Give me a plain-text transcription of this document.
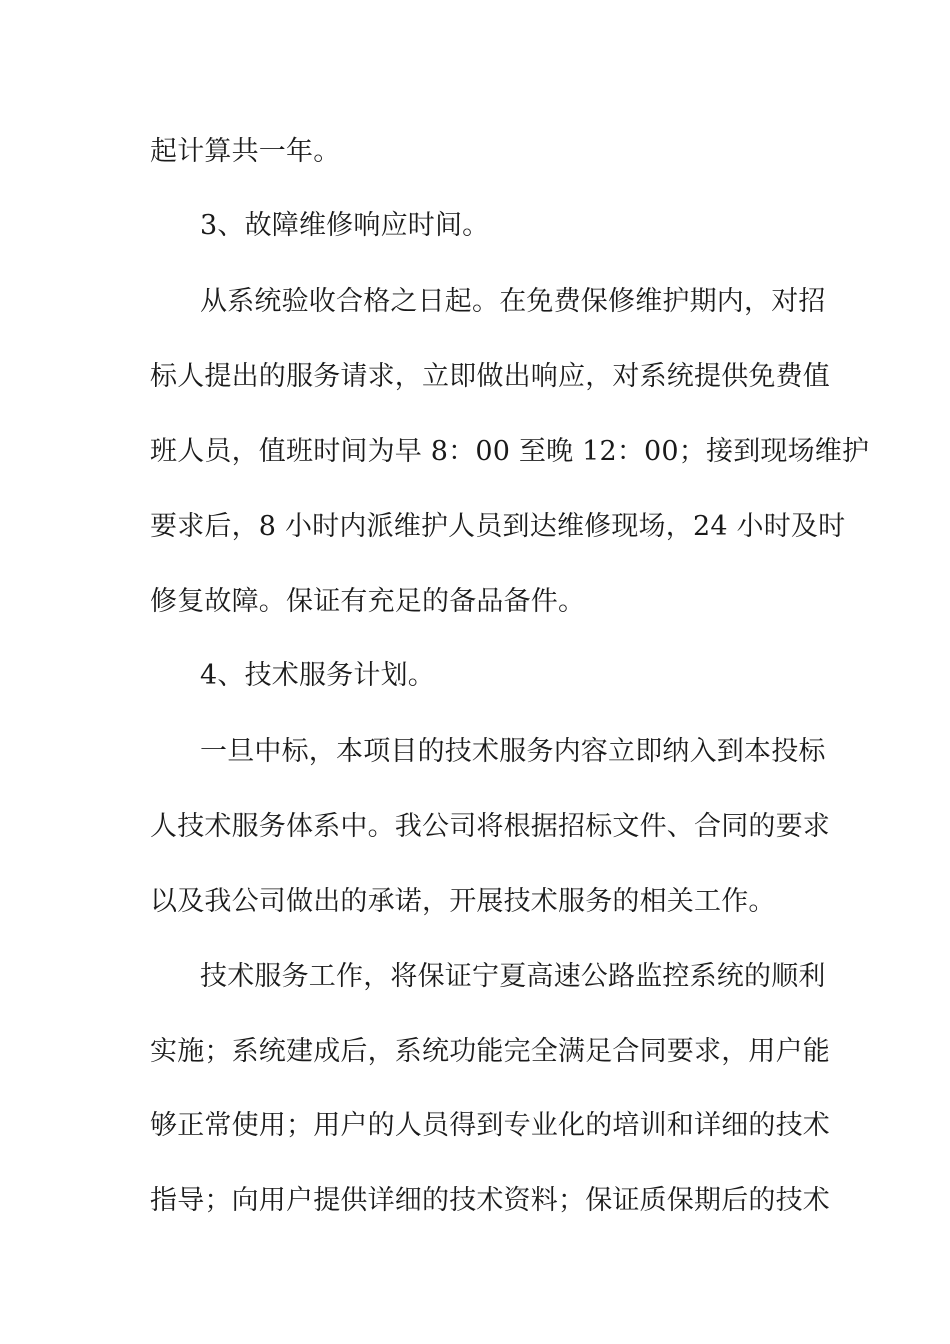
起计算共一年。
3、故障维修响应时间。
从系统验收合格之日起。在免费保修维护期内，对招
标人提出的服务请求，立即做出响应，对系统提供免费值
班人员，值班时间为早 8：00 至晚 12：00；接到现场维护
要求后，8 小时内派维护人员到达维修现场，24 小时及时
修复故障。保证有充足的备品备件。
4、技术服务计划。
一旦中标，本项目的技术服务内容立即纳入到本投标
人技术服务体系中。我公司将根据招标文件、合同的要求
以及我公司做出的承诺，开展技术服务的相关工作。
技术服务工作，将保证宁夏高速公路监控系统的顺利
实施；系统建成后，系统功能完全满足合同要求，用户能
够正常使用；用户的人员得到专业化的培训和详细的技术
指导；向用户提供详细的技术资料；保证质保期后的技术
